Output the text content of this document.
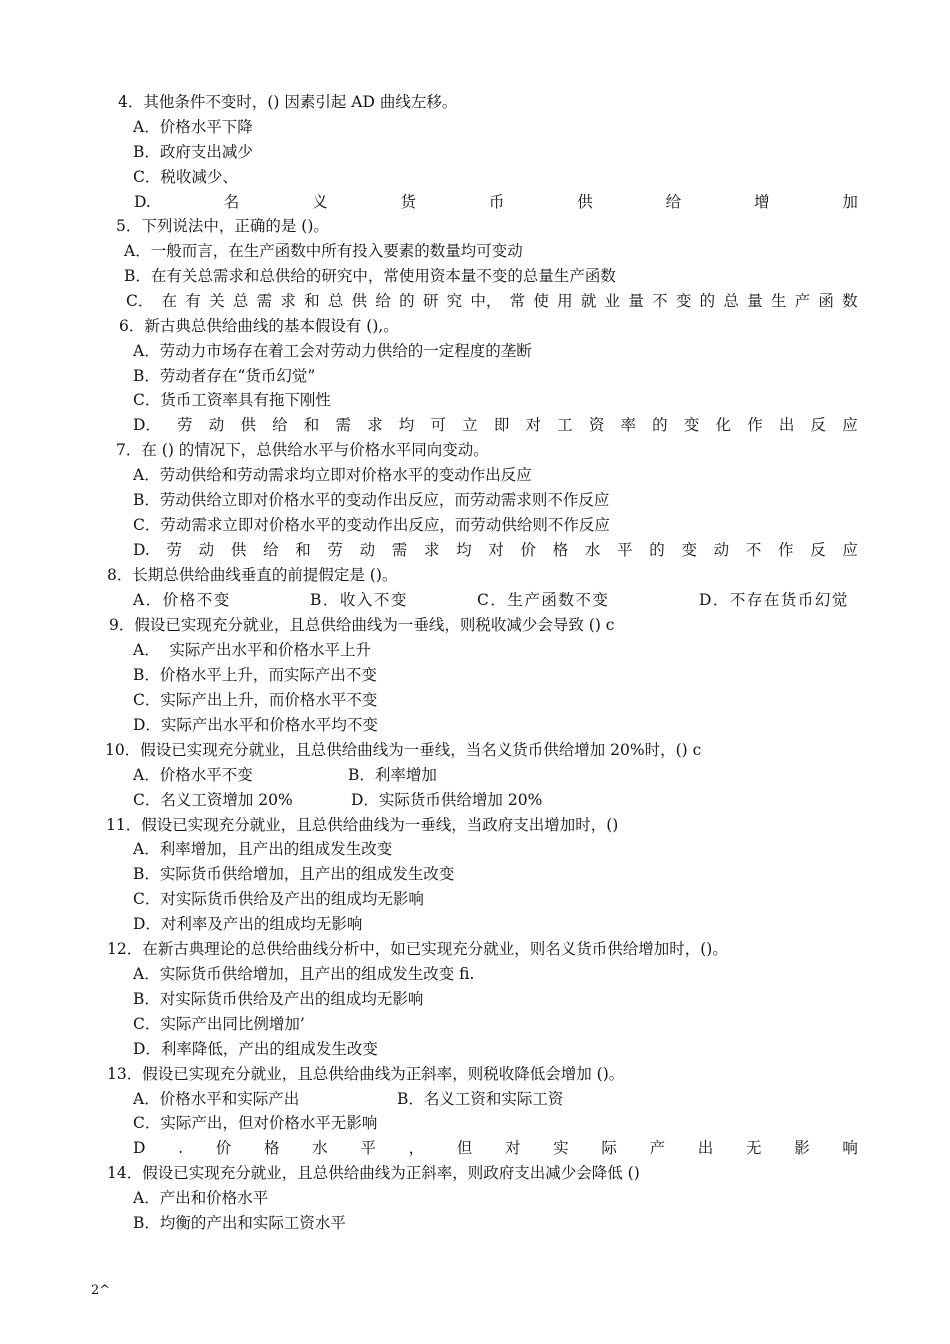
4．其他条件不变时，() 因素引起 AD 曲线左移。
A．价格水平下降
B．政府支出减少
C．税收减少、
D.	名	义	货	币	供	给	增	加
5．下列说法中，正确的是 ()。
A．一般而言，在生产函数中所有投入要素的数量均可变动
B．在有关总需求和总供给的研究中，常使用资本量不变的总量生产函数
C． 在 有 关 总 需 求 和 总 供 给 的 研 究 中， 常 使 用 就 业 量 不 变 的 总 量 生 产 函 数
6．新古典总供给曲线的基本假设有 (),。
A．劳动力市场存在着工会对劳动力供给的一定程度的垄断
B．劳动者存在“货币幻觉”
C．货币工资率具有拖下刚性
D． 劳 动 供 给 和 需 求 均 可 立 即 对 工 资 率 的 变 化 作 出 反 应
7．在 () 的情况下，总供给水平与价格水平同向变动。
A．劳动供给和劳动需求均立即对价格水平的变动作出反应
B．劳动供给立即对价格水平的变动作出反应，而劳动需求则不作反应
C．劳动需求立即对价格水平的变动作出反应，而劳动供给则不作反应
D. 劳 动 供 给 和 劳 动 需 求 均 对 价 格 水 平 的 变 动 不 作 反 应
8．长期总供给曲线垂直的前提假定是 ()。
A．价格不变	B．收入不变	C．生产函数不变	D．不存在货币幻觉
9．假设已实现充分就业，且总供给曲线为一垂线，则税收减少会导致 () c
A．  实际产出水平和价格水平上升
B．价格水平上升，而实际产出不变
C．实际产出上升，而价格水平不变
D．实际产出水平和价格水平均不变
10．假设已实现充分就业，且总供给曲线为一垂线，当名义货币供给增加 20%时，() c
A．价格水平不变	B．利率增加
C．名义工资增加 20%	D．实际货币供给增加 20%
11．假设已实现充分就业，且总供给曲线为一垂线，当政府支出增加时，()
A．利率增加，且产出的组成发生改变
B．实际货币供给增加，且产出的组成发生改变
C．对实际货币供给及产出的组成均无影响
D．对利率及产出的组成均无影响
12．在新古典理论的总供给曲线分析中，如已实现充分就业，则名义货币供给增加时，()。
A．实际货币供给增加，且产出的组成发生改变 fi.
B．对实际货币供给及产出的组成均无影响
C．实际产出同比例增加’
D．利率降低，产出的组成发生改变
13．假设已实现充分就业，且总供给曲线为正斜率，则税收降低会增加 ()。
A．价格水平和实际产出	B．名义工资和实际工资
C．实际产出，但对价格水平无影响
D . 价 格 水 平 ， 但 对 实 际 产 出 无 影 响
14．假设已实现充分就业，且总供给曲线为正斜率，则政府支出减少会降低 ()
A．产出和价格水平
B．均衡的产出和实际工资水平
2^
